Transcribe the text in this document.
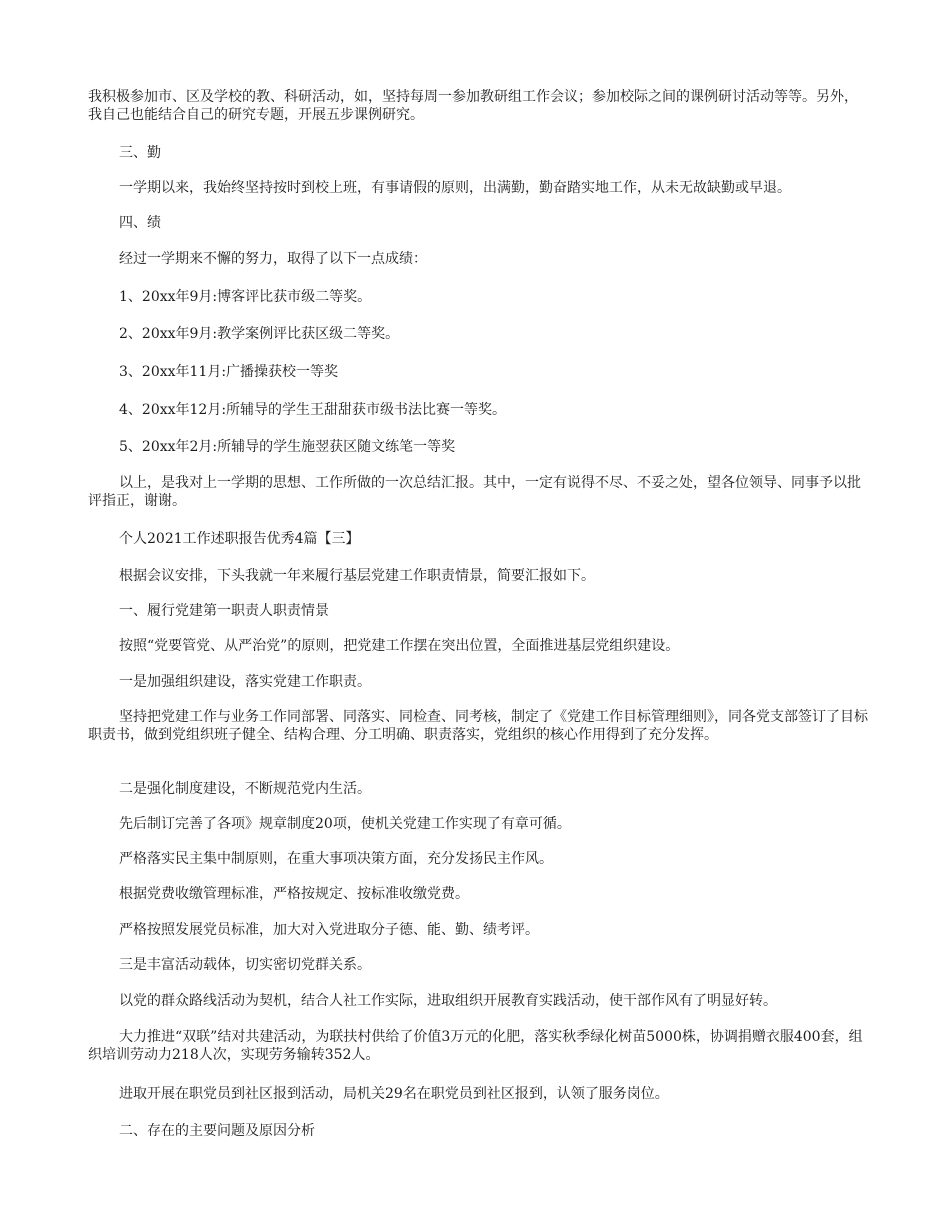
我积极参加市、区及学校的教、科研活动，如，坚持每周一参加教研组工作会议；参加校际之间的课例研讨活动等等。另外，我自己也能结合自己的研究专题，开展五步课例研究。

三、勤

一学期以来，我始终坚持按时到校上班，有事请假的原则，出满勤，勤奋踏实地工作，从未无故缺勤或早退。

四、绩

经过一学期来不懈的努力，取得了以下一点成绩：

1、20xx年9月:博客评比获市级二等奖。

2、20xx年9月:教学案例评比获区级二等奖。

3、20xx年11月:广播操获校一等奖

4、20xx年12月:所辅导的学生王甜甜获市级书法比赛一等奖。

5、20xx年2月:所辅导的学生施翌获区随文练笔一等奖

以上，是我对上一学期的思想、工作所做的一次总结汇报。其中，一定有说得不尽、不妥之处，望各位领导、同事予以批评指正，谢谢。

个人2021工作述职报告优秀4篇【三】

根据会议安排，下头我就一年来履行基层党建工作职责情景，简要汇报如下。

一、履行党建第一职责人职责情景

按照“党要管党、从严治党”的原则，把党建工作摆在突出位置，全面推进基层党组织建设。

一是加强组织建设，落实党建工作职责。

坚持把党建工作与业务工作同部署、同落实、同检查、同考核，制定了《党建工作目标管理细则》，同各党支部签订了目标职责书，做到党组织班子健全、结构合理、分工明确、职责落实，党组织的核心作用得到了充分发挥。

二是强化制度建设，不断规范党内生活。

先后制订完善了各项》规章制度20项，使机关党建工作实现了有章可循。

严格落实民主集中制原则，在重大事项决策方面，充分发扬民主作风。

根据党费收缴管理标准，严格按规定、按标准收缴党费。

严格按照发展党员标准，加大对入党进取分子德、能、勤、绩考评。

三是丰富活动载体，切实密切党群关系。

以党的群众路线活动为契机，结合人社工作实际，进取组织开展教育实践活动，使干部作风有了明显好转。

大力推进“双联”结对共建活动，为联扶村供给了价值3万元的化肥，落实秋季绿化树苗5000株，协调捐赠衣服400套，组织培训劳动力218人次，实现劳务输转352人。

进取开展在职党员到社区报到活动，局机关29名在职党员到社区报到，认领了服务岗位。

二、存在的主要问题及原因分析
